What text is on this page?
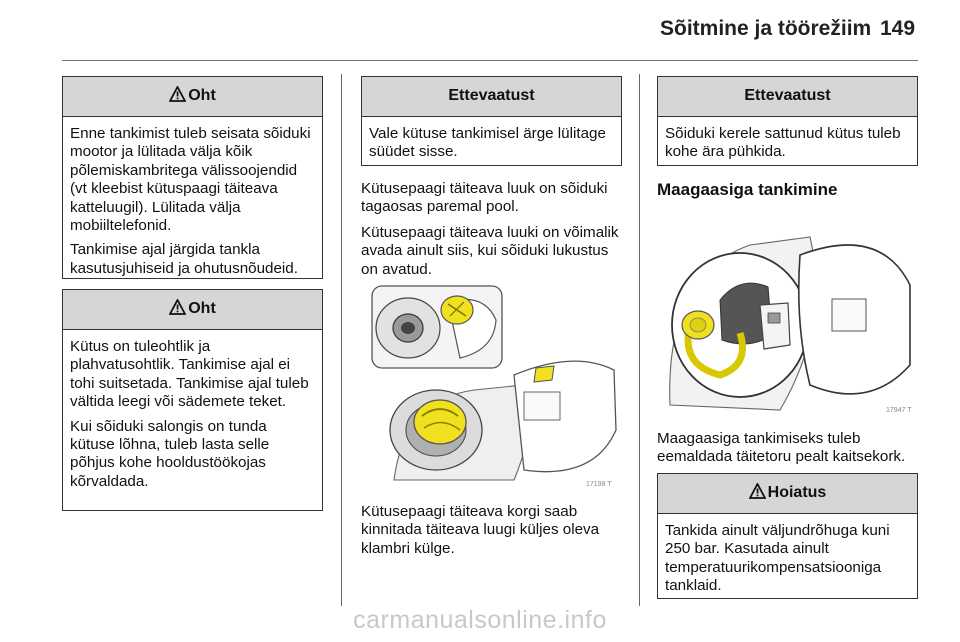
Sõitmine ja töörežiim 149
Oht

Enne tankimist tuleb seisata sõiduki mootor ja lülitada välja kõik põlemiskambritega välissoojendid (vt kleebist kütuspaagi täiteava katteluugil). Lülitada välja mobiiltelefonid.

Tankimise ajal järgida tankla kasutusjuhiseid ja ohutusnõudeid.

Oht

Kütus on tuleohtlik ja plahvatusohtlik. Tankimise ajal ei tohi suitsetada. Tankimise ajal tuleb vältida leegi või sädemete teket.

Kui sõiduki salongis on tunda kütuse lõhna, tuleb lasta selle põhjus kohe hooldustöökojas kõrvaldada.

Ettevaatust
Vale kütuse tankimisel ärge lülitage süüdet sisse.

Kütusepaagi täiteava luuk on sõiduki tagaosas paremal pool.

Kütusepaagi täiteava luuki on võimalik avada ainult siis, kui sõiduki lukustus on avatud.

17198 T

Kütusepaagi täiteava korgi saab kinnitada täiteava luugi küljes oleva klambri külge.

Ettevaatust
Sõiduki kerele sattunud kütus tuleb kohe ära pühkida.
Maagaasiga tankimine
17947 T

Maagaasiga tankimiseks tuleb eemaldada täitetoru pealt kaitsekork.

Hoiatus
Tankida ainult väljundrõhuga kuni 250 bar. Kasutada ainult temperatuurikompensatsiooniga tanklaid.
carmanualsonline.info
